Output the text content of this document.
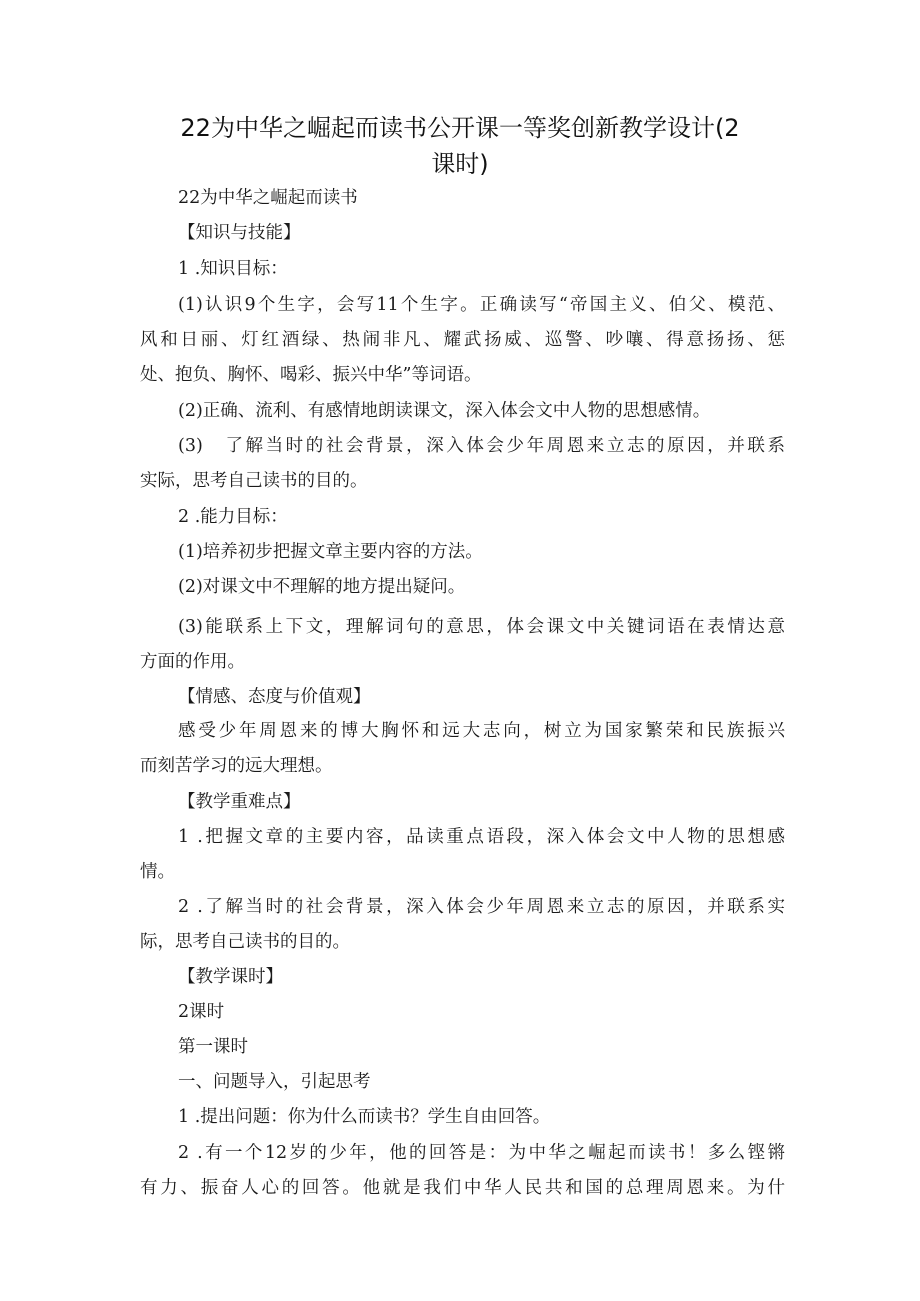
22为中华之崛起而读书公开课一等奖创新教学设计(2
课时)

22为中华之崛起而读书

【知识与技能】

1 .知识目标：

(1)认识9个生字，会写11个生字。正确读写“帝国主义、伯父、模范、

风和日丽、灯红酒绿、热闹非凡、耀武扬威、巡警、吵嚷、得意扬扬、惩

处、抱负、胸怀、喝彩、振兴中华”等词语。

(2)正确、流利、有感情地朗读课文，深入体会文中人物的思想感情。

(3)　了解当时的社会背景，深入体会少年周恩来立志的原因，并联系

实际，思考自己读书的目的。

2 .能力目标：

(1)培养初步把握文章主要内容的方法。

(2)对课文中不理解的地方提出疑问。

(3)能联系上下文，理解词句的意思，体会课文中关键词语在表情达意

方面的作用。

【情感、态度与价值观】

感受少年周恩来的博大胸怀和远大志向，树立为国家繁荣和民族振兴

而刻苦学习的远大理想。

【教学重难点】

1 .把握文章的主要内容，品读重点语段，深入体会文中人物的思想感

情。

2 .了解当时的社会背景，深入体会少年周恩来立志的原因，并联系实

际，思考自己读书的目的。

【教学课时】

2课时

第一课时

一、问题导入，引起思考

1 .提出问题：你为什么而读书？学生自由回答。

2 .有一个12岁的少年，他的回答是：为中华之崛起而读书！多么铿锵

有力、振奋人心的回答。他就是我们中华人民共和国的总理周恩来。为什
